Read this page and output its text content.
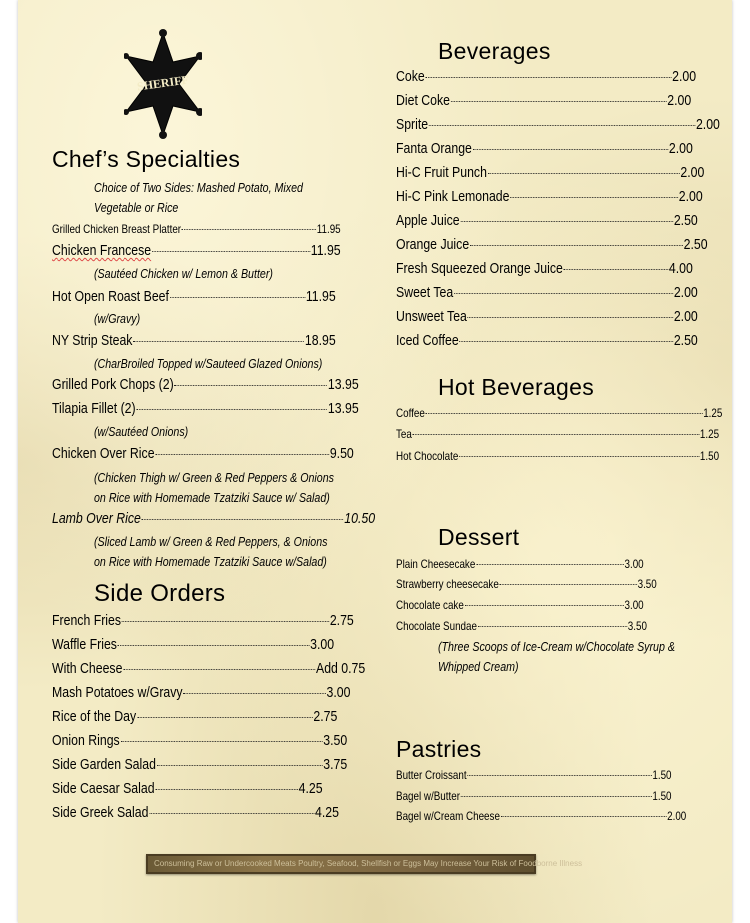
SHERIFF
Chef’s Specialties
Choice of Two Sides: Mashed Potato, Mixed
Vegetable or Rice
Grilled Chicken Breast Platter	11.95
Chicken Francese	11.95
(Sautéed Chicken w/ Lemon & Butter)
Hot Open Roast Beef	11.95
(w/Gravy)
NY Strip Steak	18.95
(CharBroiled Topped w/Sauteed Glazed Onions)
Grilled Pork Chops (2)	13.95
Tilapia Fillet (2)	13.95
(w/Sautéed Onions)
Chicken Over Rice	9.50
(Chicken Thigh w/ Green & Red Peppers & Onions
on Rice with Homemade Tzatziki Sauce w/ Salad)
Lamb Over Rice	10.50
(Sliced Lamb w/ Green & Red Peppers, & Onions
on Rice with Homemade Tzatziki Sauce w/Salad)
Side Orders
French Fries	2.75
Waffle Fries	3.00
With Cheese	Add 0.75
Mash Potatoes w/Gravy	3.00
Rice of the Day	2.75
Onion Rings	3.50
Side Garden Salad	3.75
Side Caesar Salad	4.25
Side Greek Salad	4.25
Beverages
Coke	2.00
Diet Coke	2.00
Sprite	2.00
Fanta Orange	2.00
Hi-C Fruit Punch	2.00
Hi-C Pink Lemonade	2.00
Apple Juice	2.50
Orange Juice	2.50
Fresh Squeezed Orange Juice	4.00
Sweet Tea	2.00
Unsweet Tea	2.00
Iced Coffee	2.50
Hot Beverages
Coffee	1.25
Tea	1.25
Hot Chocolate	1.50
Dessert
Plain Cheesecake	3.00
Strawberry cheesecake	3.50
Chocolate cake	3.00
Chocolate Sundae	3.50
(Three Scoops of Ice-Cream w/Chocolate Syrup &
Whipped Cream)
Pastries
Butter Croissant	1.50
Bagel w/Butter	1.50
Bagel w/Cream Cheese	2.00
Consuming Raw or Undercooked Meats Poultry, Seafood, Shellfish or Eggs May Increase Your Risk of Foodborne Illness
